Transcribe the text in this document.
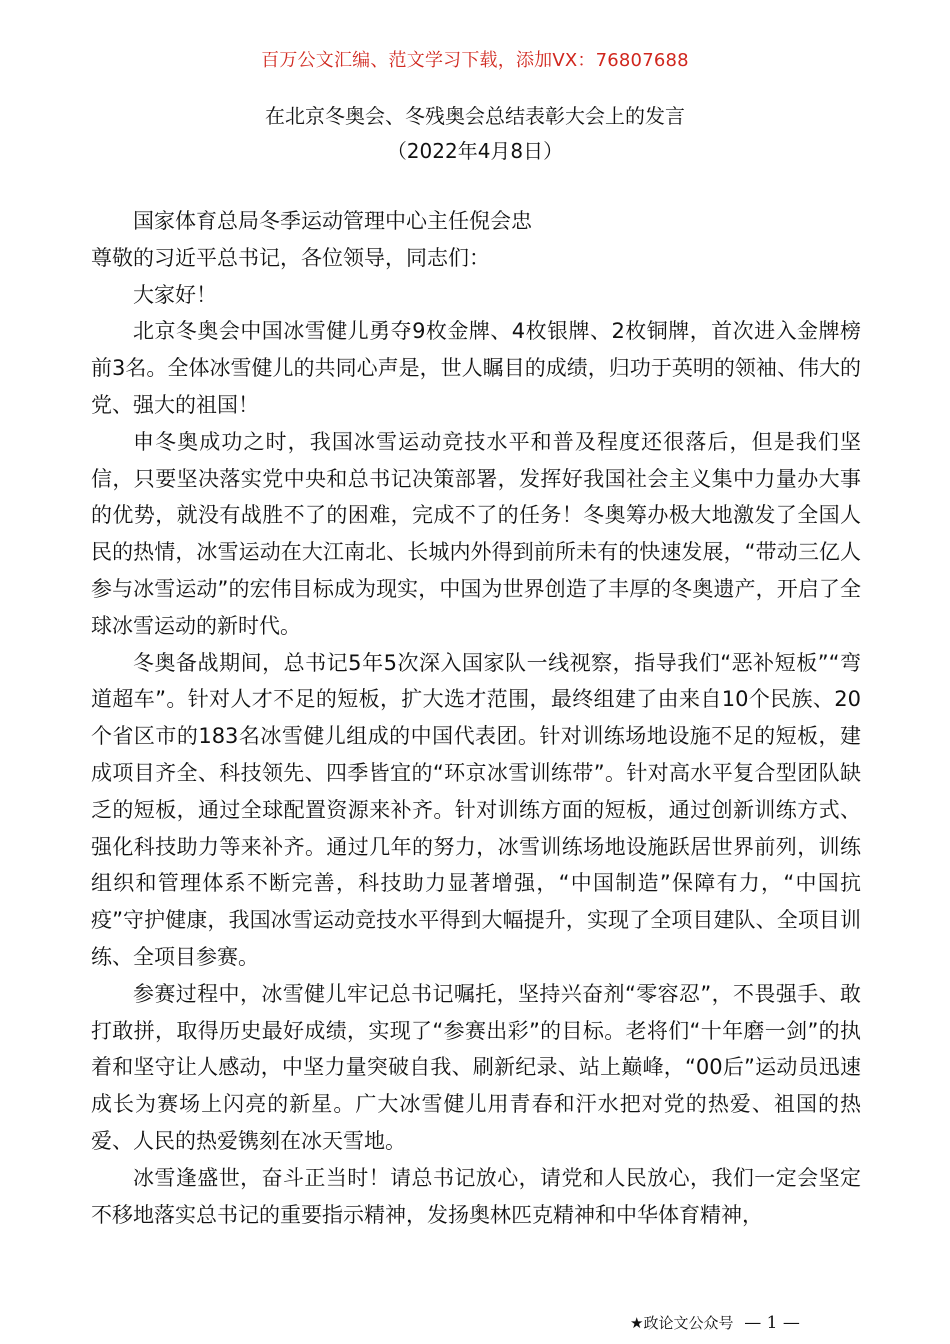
百万公文汇编、范文学习下载，添加VX：76807688
在北京冬奥会、冬残奥会总结表彰大会上的发言
（2022年4月8日）

国家体育总局冬季运动管理中心主任倪会忠

尊敬的习近平总书记，各位领导，同志们：

大家好！

北京冬奥会中国冰雪健儿勇夺9枚金牌、4枚银牌、2枚铜牌，首次进入金牌榜前3名。全体冰雪健儿的共同心声是，世人瞩目的成绩，归功于英明的领袖、伟大的党、强大的祖国！

申冬奥成功之时，我国冰雪运动竞技水平和普及程度还很落后，但是我们坚信，只要坚决落实党中央和总书记决策部署，发挥好我国社会主义集中力量办大事的优势，就没有战胜不了的困难，完成不了的任务！冬奥筹办极大地激发了全国人民的热情，冰雪运动在大江南北、长城内外得到前所未有的快速发展，“带动三亿人参与冰雪运动”的宏伟目标成为现实，中国为世界创造了丰厚的冬奥遗产，开启了全球冰雪运动的新时代。

冬奥备战期间，总书记5年5次深入国家队一线视察，指导我们“恶补短板”“弯道超车”。针对人才不足的短板，扩大选才范围，最终组建了由来自10个民族、20个省区市的183名冰雪健儿组成的中国代表团。针对训练场地设施不足的短板，建成项目齐全、科技领先、四季皆宜的“环京冰雪训练带”。针对高水平复合型团队缺乏的短板，通过全球配置资源来补齐。针对训练方面的短板，通过创新训练方式、强化科技助力等来补齐。通过几年的努力，冰雪训练场地设施跃居世界前列，训练组织和管理体系不断完善，科技助力显著增强，“中国制造”保障有力，“中国抗疫”守护健康，我国冰雪运动竞技水平得到大幅提升，实现了全项目建队、全项目训练、全项目参赛。

参赛过程中，冰雪健儿牢记总书记嘱托，坚持兴奋剂“零容忍”，不畏强手、敢打敢拼，取得历史最好成绩，实现了“参赛出彩”的目标。老将们“十年磨一剑”的执着和坚守让人感动，中坚力量突破自我、刷新纪录、站上巅峰，“00后”运动员迅速成长为赛场上闪亮的新星。广大冰雪健儿用青春和汗水把对党的热爱、祖国的热爱、人民的热爱镌刻在冰天雪地。

冰雪逢盛世，奋斗正当时！请总书记放心，请党和人民放心，我们一定会坚定不移地落实总书记的重要指示精神，发扬奥林匹克精神和中华体育精神，

★政论文公众号 — 1 —
